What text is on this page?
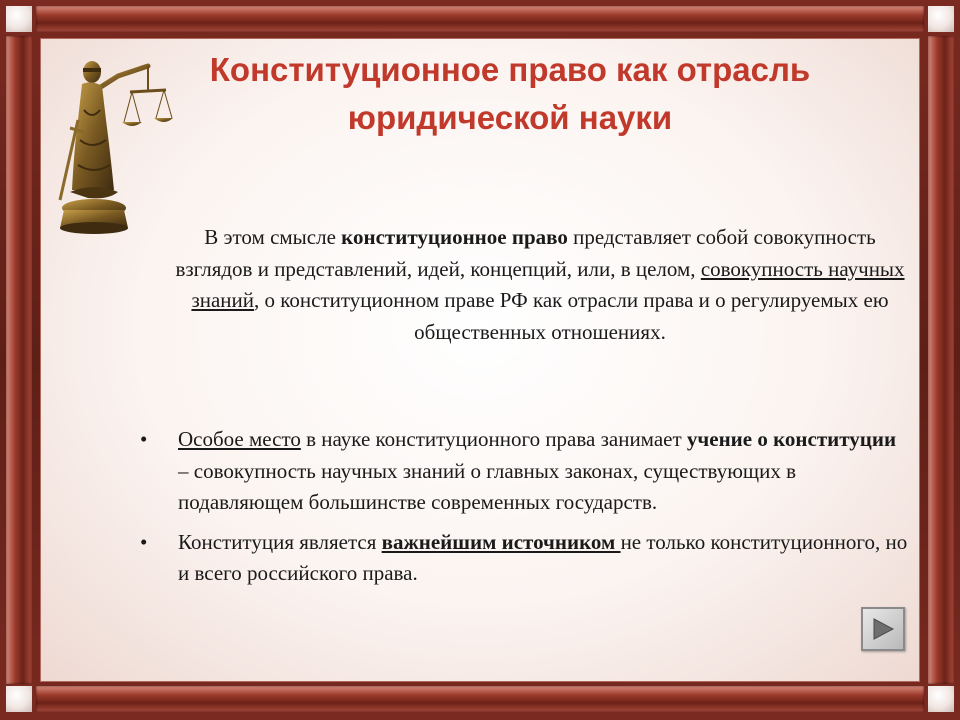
Конституционное право как отрасль
юридической науки
В этом смысле конституционное право представляет собой совокупность взглядов и представлений, идей, концепций, или, в целом, совокупность научных знаний, о конституционном праве РФ как отрасли права и о регулируемых ею общественных отношениях.
• Особое место в науке конституционного права занимает учение о конституции – совокупность научных знаний о главных законах, существующих в подавляющем большинстве современных государств.
• Конституция является важнейшим источником не только конституционного, но и всего российского права.
